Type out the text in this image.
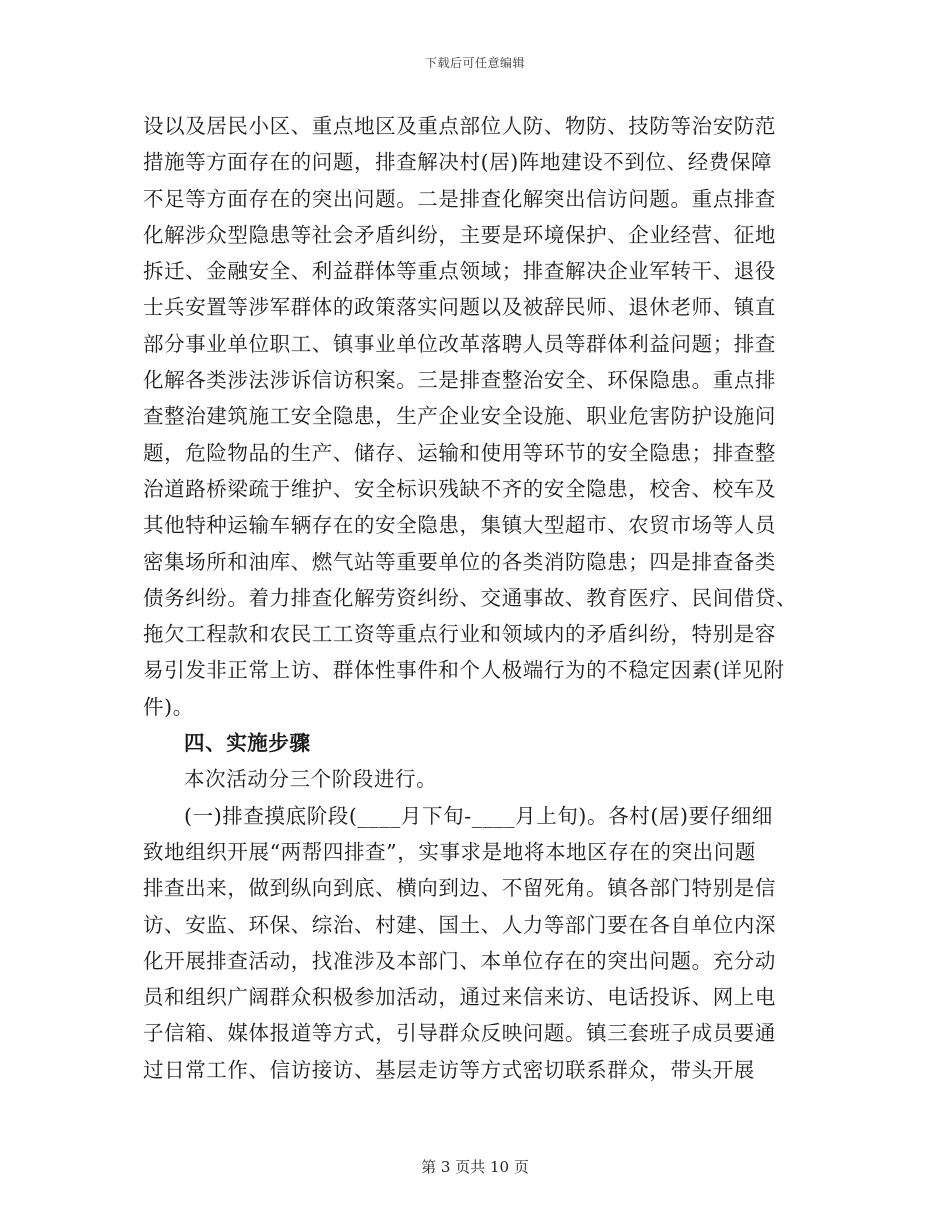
下载后可任意编辑
设以及居民小区、重点地区及重点部位人防、物防、技防等治安防范
措施等方面存在的问题，排查解决村(居)阵地建设不到位、经费保障
不足等方面存在的突出问题。二是排查化解突出信访问题。重点排查
化解涉众型隐患等社会矛盾纠纷，主要是环境保护、企业经营、征地
拆迁、金融安全、利益群体等重点领域；排查解决企业军转干、退役
士兵安置等涉军群体的政策落实问题以及被辞民师、退休老师、镇直
部分事业单位职工、镇事业单位改革落聘人员等群体利益问题；排查
化解各类涉法涉诉信访积案。三是排查整治安全、环保隐患。重点排
查整治建筑施工安全隐患，生产企业安全设施、职业危害防护设施问
题，危险物品的生产、储存、运输和使用等环节的安全隐患；排查整
治道路桥梁疏于维护、安全标识残缺不齐的安全隐患，校舍、校车及
其他特种运输车辆存在的安全隐患，集镇大型超市、农贸市场等人员
密集场所和油库、燃气站等重要单位的各类消防隐患；四是排查备类
债务纠纷。着力排查化解劳资纠纷、交通事故、教育医疗、民间借贷、
拖欠工程款和农民工工资等重点行业和领域内的矛盾纠纷，特别是容
易引发非正常上访、群体性事件和个人极端行为的不稳定因素(详见附
件)。
四、实施步骤
本次活动分三个阶段进行。
(一)排查摸底阶段(____月下旬-____月上旬)。各村(居)要仔细细
致地组织开展“两帮四排查”，实事求是地将本地区存在的突出问题
排查出来，做到纵向到底、横向到边、不留死角。镇各部门特别是信
访、安监、环保、综治、村建、国土、人力等部门要在各自单位内深
化开展排查活动，找准涉及本部门、本单位存在的突出问题。充分动
员和组织广阔群众积极参加活动，通过来信来访、电话投诉、网上电
子信箱、媒体报道等方式，引导群众反映问题。镇三套班子成员要通
过日常工作、信访接访、基层走访等方式密切联系群众，带头开展
第 3 页共 10 页
